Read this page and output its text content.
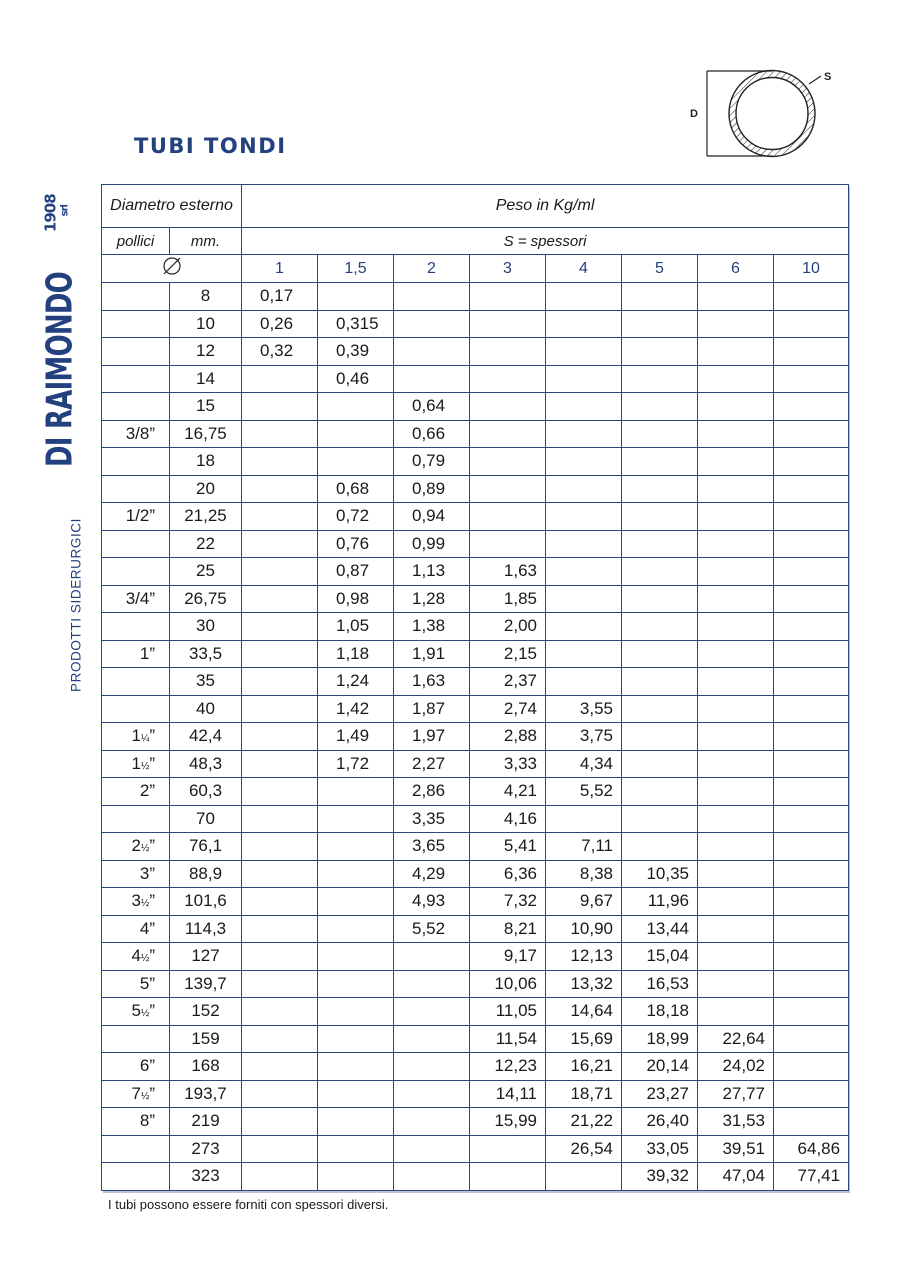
DI $RAIMONDO1908_{srl}$
PRODOTTI SIDERURGICI
TUBI TONDI
S
D
Diametro esterno		Peso in Kg/ml							
pollici	mm.	S = spessori							
	1	1,5	2	3	4	5	6	10
	8	0,17							
	10	0,26	0,315						
	12	0,32	0,39						
	14		0,46						
	15			0,64					
3/8”	16,75			0,66					
	18			0,79					
	20		0,68	0,89					
1/2”	21,25		0,72	0,94					
	22		0,76	0,99					
	25		0,87	1,13	1,63				
3/4”	26,75		0,98	1,28	1,85				
	30		1,05	1,38	2,00				
1”	33,5		1,18	1,91	2,15				
	35		1,24	1,63	2,37				
	40		1,42	1,87	2,74	3,55			
1¼”	42,4		1,49	1,97	2,88	3,75			
1½”	48,3		1,72	2,27	3,33	4,34			
2”	60,3			2,86	4,21	5,52			
	70			3,35	4,16				
2½”	76,1			3,65	5,41	7,11			
3”	88,9			4,29	6,36	8,38	10,35		
3½”	101,6			4,93	7,32	9,67	11,96		
4”	114,3			5,52	8,21	10,90	13,44		
4½”	127				9,17	12,13	15,04		
5”	139,7				10,06	13,32	16,53		
5½”	152				11,05	14,64	18,18		
	159				11,54	15,69	18,99	22,64	
6”	168				12,23	16,21	20,14	24,02	
7½”	193,7				14,11	18,71	23,27	27,77	
8”	219				15,99	21,22	26,40	31,53	
	273					26,54	33,05	39,51	64,86
	323						39,32	47,04	77,41

I tubi possono essere forniti con spessori diversi.
